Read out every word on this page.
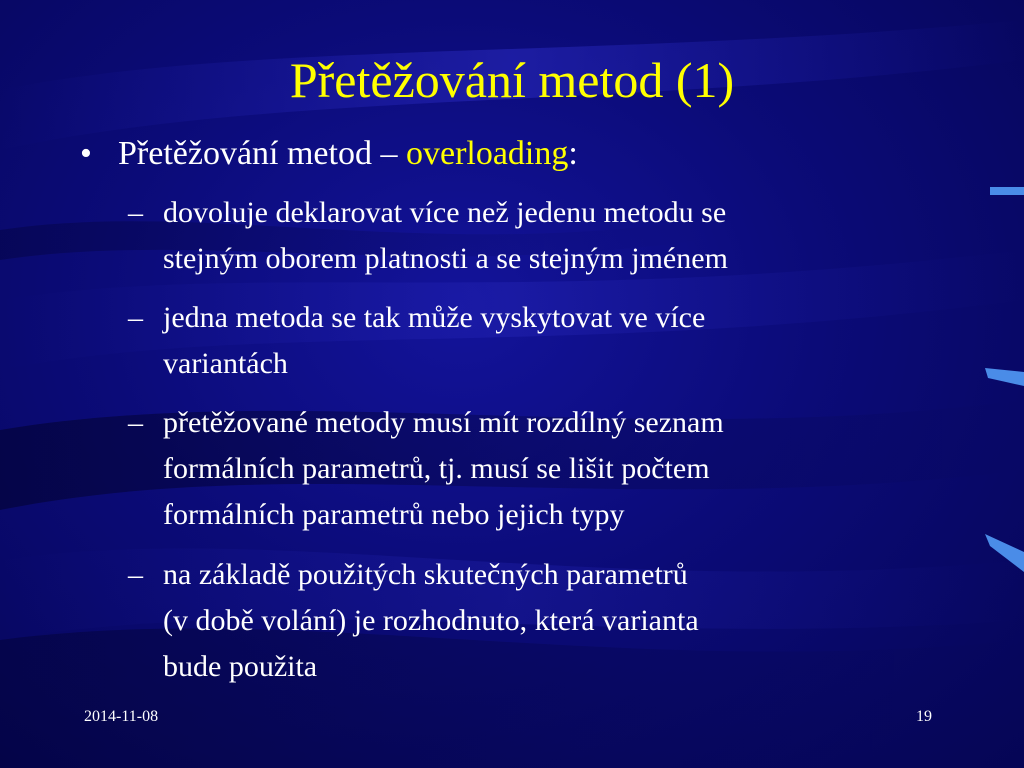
Přetěžování metod (1)
• Přetěžování metod – overloading:
– dovoluje deklarovat více než jedenu metodu se
stejným oborem platnosti a se stejným jménem
– jedna metoda se tak může vyskytovat ve více
variantách
– přetěžované metody musí mít rozdílný seznam
formálních parametrů, tj. musí se lišit počtem
formálních parametrů nebo jejich typy
– na základě použitých skutečných parametrů
(v době volání) je rozhodnuto, která varianta
bude použita
2014-11-08	19
